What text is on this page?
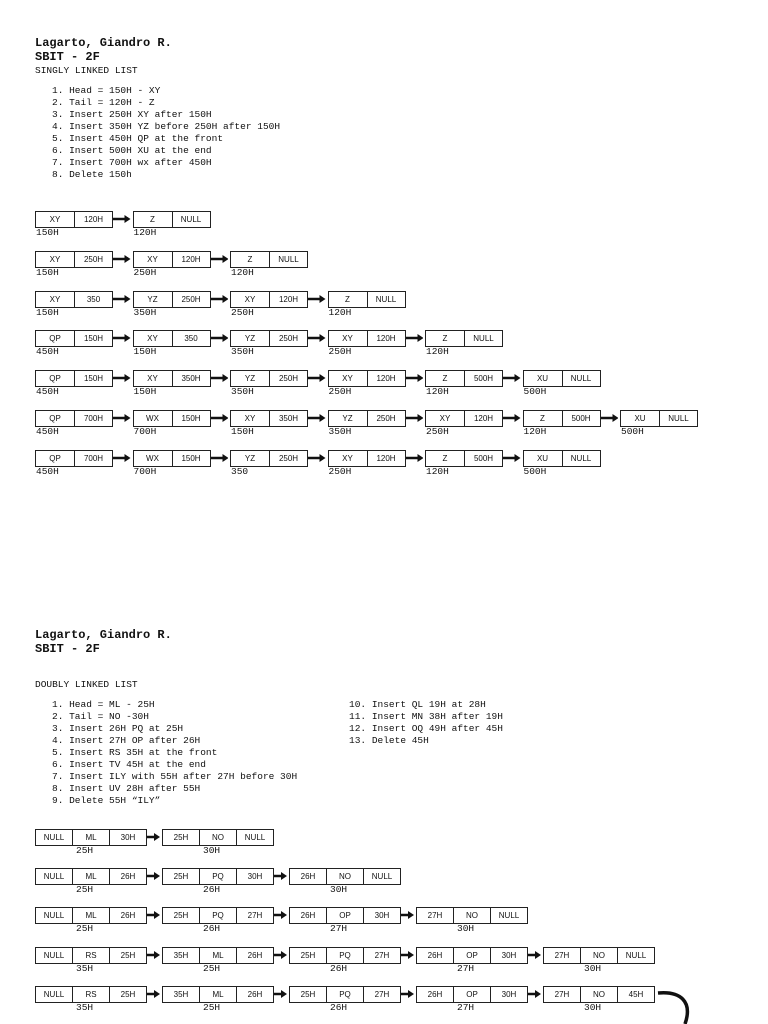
Lagarto, Giandro R.
SBIT - 2F
SINGLY LINKED LIST
1. Head = 150H - XY
2. Tail = 120H - Z
3. Insert 250H XY after 150H
4. Insert 350H YZ before 250H after 150H
5. Insert 450H QP at the front
6. Insert 500H XU at the end
7. Insert 700H wx after 450H
8. Delete 150h
XY	120H
150H
Z	NULL
120H
XY	250H
150H
XY	120H
250H
Z	NULL
120H
XY	350
150H
YZ	250H
350H
XY	120H
250H
Z	NULL
120H
QP	150H
450H
XY	350
150H
YZ	250H
350H
XY	120H
250H
Z	NULL
120H
QP	150H
450H
XY	350H
150H
YZ	250H
350H
XY	120H
250H
Z	500H
120H
XU	NULL
500H
QP	700H
450H
WX	150H
700H
XY	350H
150H
YZ	250H
350H
XY	120H
250H
Z	500H
120H
XU	NULL
500H
QP	700H
450H
WX	150H
700H
YZ	250H
350
XY	120H
250H
Z	500H
120H
XU	NULL
500H
Lagarto, Giandro R.
SBIT - 2F
DOUBLY LINKED LIST
1. Head = ML - 25H
2. Tail = NO -30H
3. Insert 26H PQ at 25H
4. Insert 27H OP after 26H
5. Insert RS 35H at the front
6. Insert TV 45H at the end
7. Insert ILY with 55H after 27H before 30H
8. Insert UV 28H after 55H
9. Delete 55H “ILY”
10. Insert QL 19H at 28H
11. Insert MN 38H after 19H
12. Insert OQ 49H after 45H
13. Delete 45H
NULL	ML	30H
25H
25H	NO	NULL
30H
NULL	ML	26H
25H
25H	PQ	30H
26H
26H	NO	NULL
30H
NULL	ML	26H
25H
25H	PQ	27H
26H
26H	OP	30H
27H
27H	NO	NULL
30H
NULL	RS	25H
35H
35H	ML	26H
25H
25H	PQ	27H
26H
26H	OP	30H
27H
27H	NO	NULL
30H
NULL	RS	25H
35H
35H	ML	26H
25H
25H	PQ	27H
26H
26H	OP	30H
27H
27H	NO	45H
30H
